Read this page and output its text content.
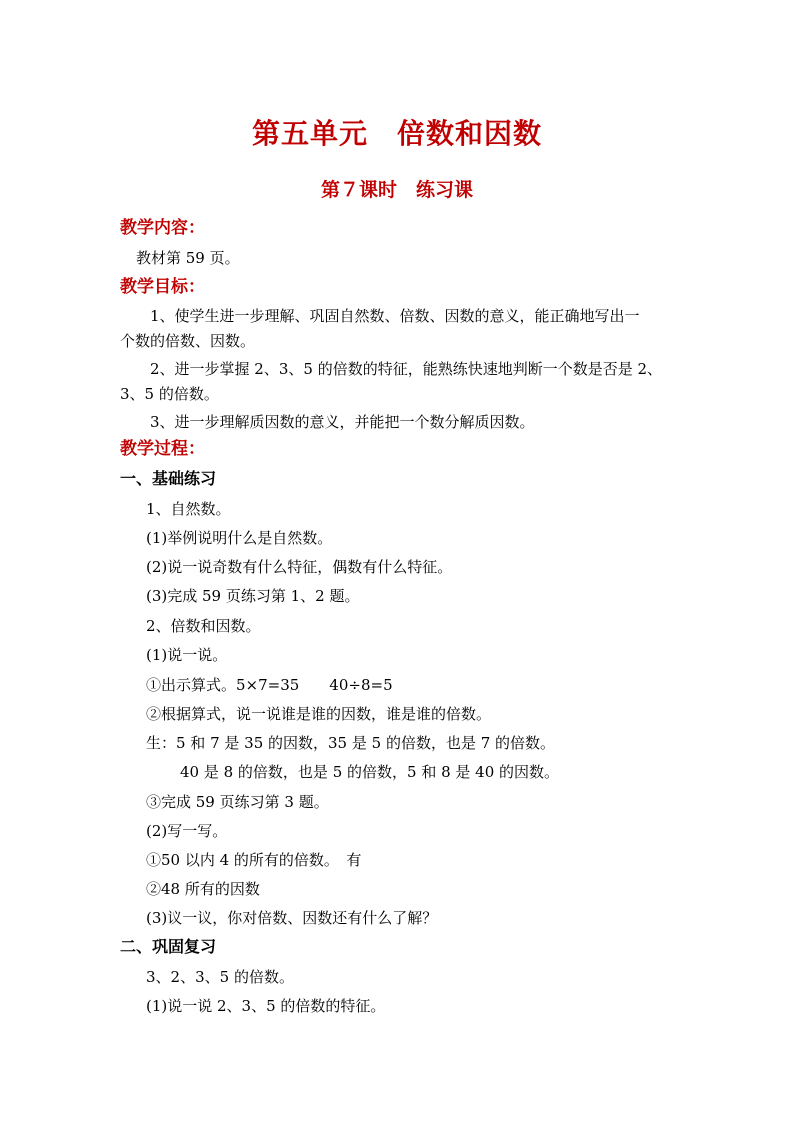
第五单元　倍数和因数
第７课时　练习课
教学内容：
教材第 59 页。
教学目标：
1、使学生进一步理解、巩固自然数、倍数、因数的意义，能正确地写出一
个数的倍数、因数。
2、进一步掌握 2、3、5 的倍数的特征，能熟练快速地判断一个数是否是 2、
3、5 的倍数。
3、进一步理解质因数的意义，并能把一个数分解质因数。
教学过程：
一、基础练习
1、自然数。
(1)举例说明什么是自然数。
(2)说一说奇数有什么特征，偶数有什么特征。
(3)完成 59 页练习第 1、2 题。
2、倍数和因数。
(1)说一说。
①出示算式。5×7=35　　40÷8=5
②根据算式，说一说谁是谁的因数，谁是谁的倍数。
生：5 和 7 是 35 的因数，35 是 5 的倍数，也是 7 的倍数。
40 是 8 的倍数，也是 5 的倍数，5 和 8 是 40 的因数。
③完成 59 页练习第 3 题。
(2)写一写。
①50 以内 4 的所有的倍数。　有
②48 所有的因数
(3)议一议，你对倍数、因数还有什么了解？
二、巩固复习
3、2、3、5 的倍数。
(1)说一说 2、3、5 的倍数的特征。
